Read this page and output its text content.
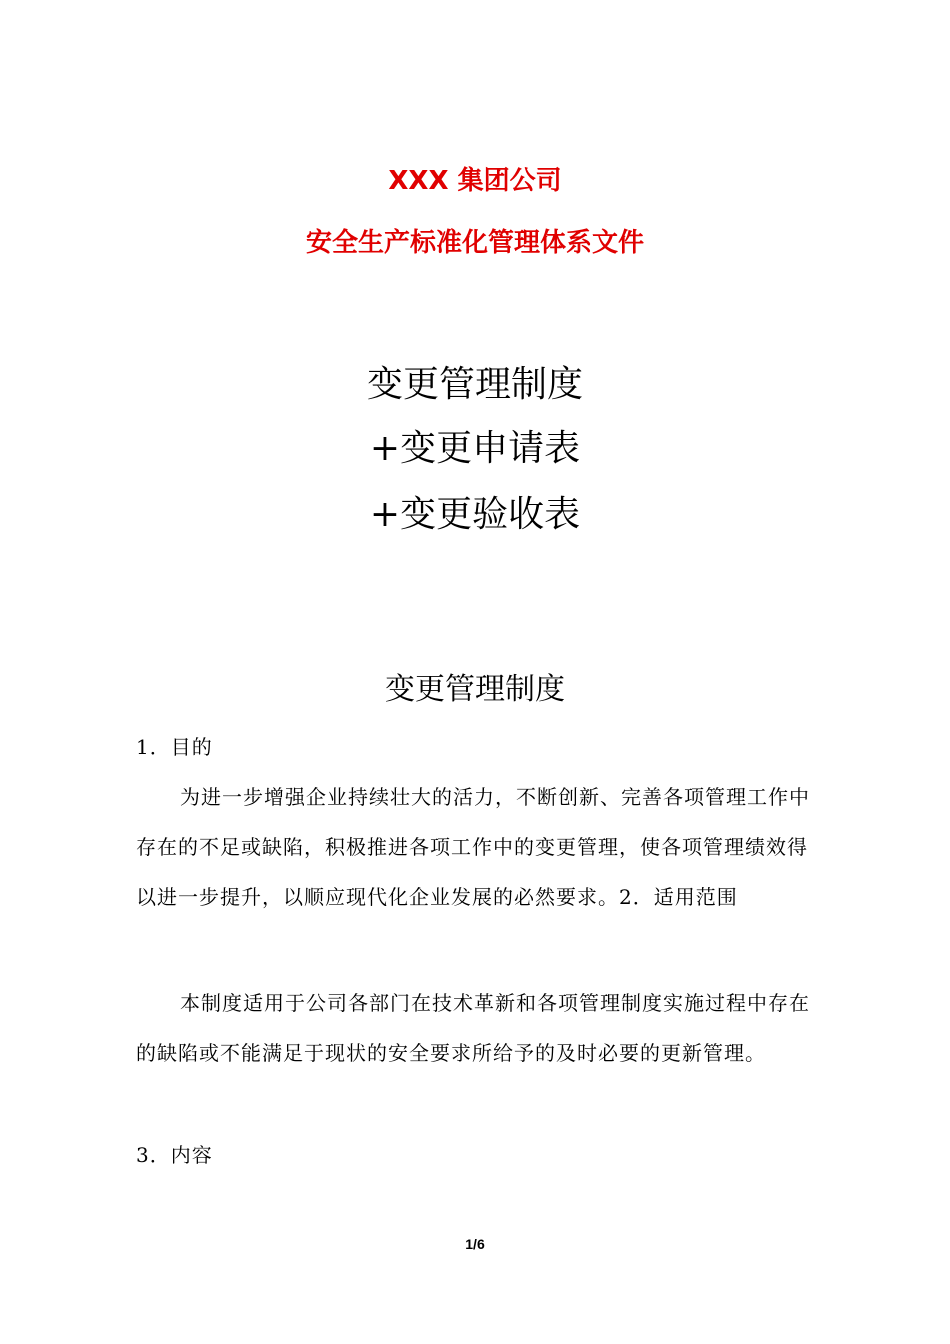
XXX 集团公司
安全生产标准化管理体系文件
变更管理制度
+变更申请表
+变更验收表
变更管理制度
1．目的
为进一步增强企业持续壮大的活力，不断创新、完善各项管理工作中存在的不足或缺陷，积极推进各项工作中的变更管理，使各项管理绩效得以进一步提升，以顺应现代化企业发展的必然要求。2．适用范围
本制度适用于公司各部门在技术革新和各项管理制度实施过程中存在的缺陷或不能满足于现状的安全要求所给予的及时必要的更新管理。
3．内容
1/6
